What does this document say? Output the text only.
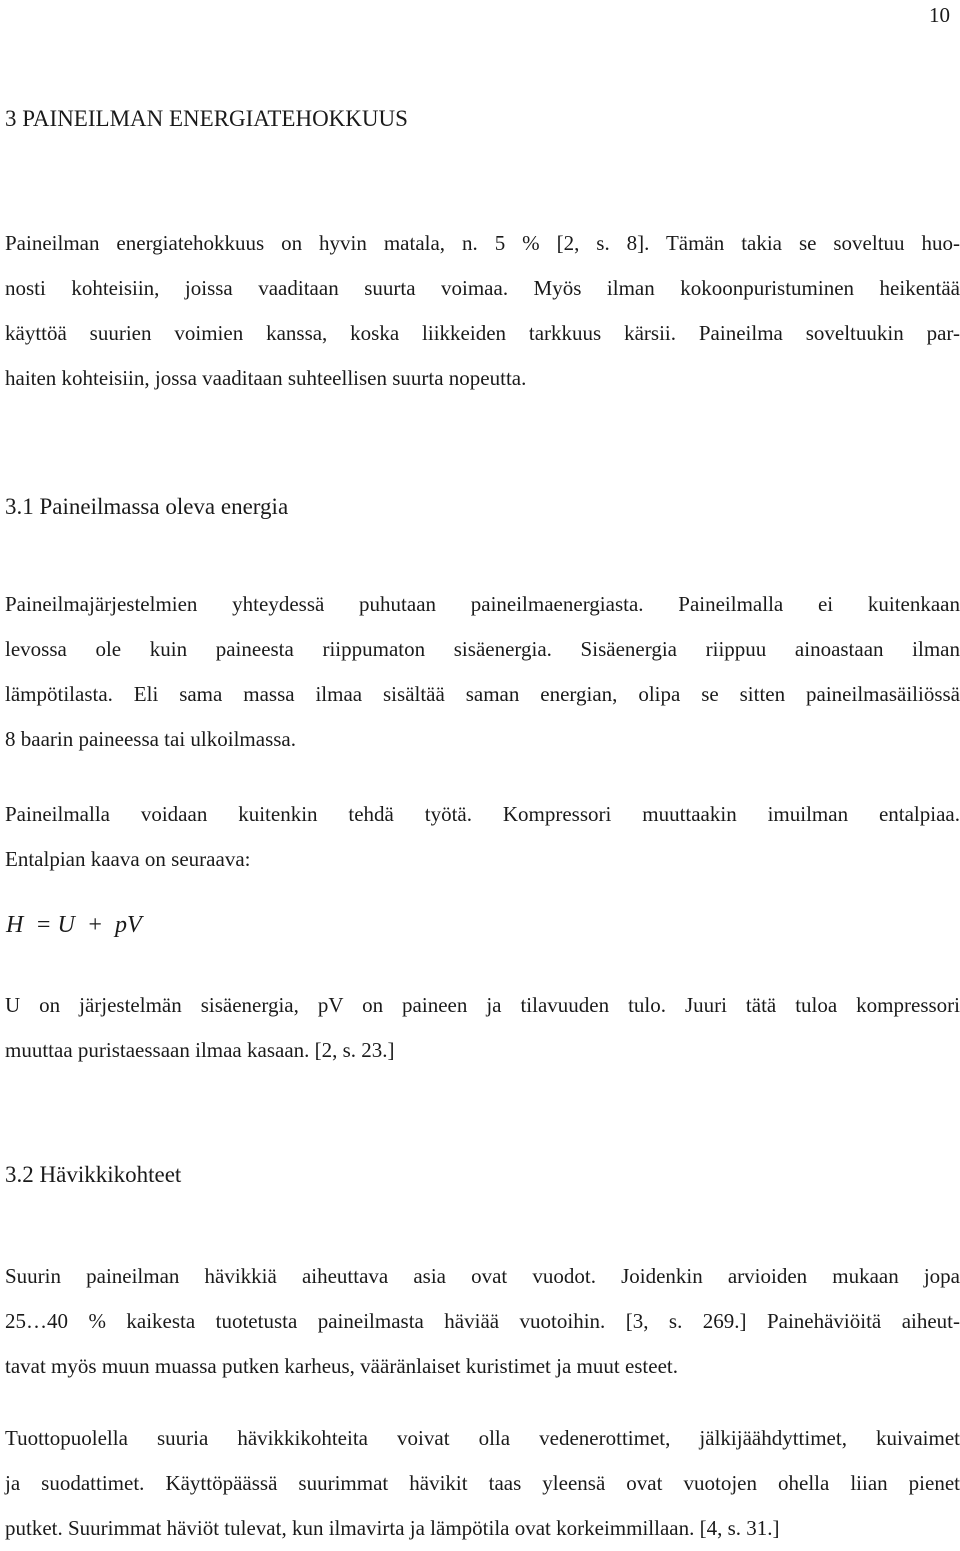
10
3 PAINEILMAN ENERGIATEHOKKUUS
Paineilman energiatehokkuus on hyvin matala, n. 5 % [2, s. 8]. Tämän takia se soveltuu huo-
nosti kohteisiin, joissa vaaditaan suurta voimaa. Myös ilman kokoonpuristuminen heikentää
käyttöä suurien voimien kanssa, koska liikkeiden tarkkuus kärsii. Paineilma soveltuukin par-
haiten kohteisiin, jossa vaaditaan suhteellisen suurta nopeutta.
3.1 Paineilmassa oleva energia
Paineilmajärjestelmien yhteydessä puhutaan paineilmaenergiasta. Paineilmalla ei kuitenkaan
levossa ole kuin paineesta riippumaton sisäenergia. Sisäenergia riippuu ainoastaan ilman
lämpötilasta. Eli sama massa ilmaa sisältää saman energian, olipa se sitten paineilmasäiliössä
8 baarin paineessa tai ulkoilmassa.
Paineilmalla voidaan kuitenkin tehdä työtä. Kompressori muuttaakin imuilman entalpiaa.
Entalpian kaava on seuraava:
H  = U  +  pV
U on järjestelmän sisäenergia, pV on paineen ja tilavuuden tulo. Juuri tätä tuloa kompressori
muuttaa puristaessaan ilmaa kasaan. [2, s. 23.]
3.2 Hävikkikohteet
Suurin paineilman hävikkiä aiheuttava asia ovat vuodot. Joidenkin arvioiden mukaan jopa
25…40 % kaikesta tuotetusta paineilmasta häviää vuotoihin. [3, s. 269.] Painehäviöitä aiheut-
tavat myös muun muassa putken karheus, vääränlaiset kuristimet ja muut esteet.
Tuottopuolella suuria hävikkikohteita voivat olla vedenerottimet, jälkijäähdyttimet, kuivaimet
ja suodattimet. Käyttöpäässä suurimmat hävikit taas yleensä ovat vuotojen ohella liian pienet
putket. Suurimmat häviöt tulevat, kun ilmavirta ja lämpötila ovat korkeimmillaan. [4, s. 31.]
